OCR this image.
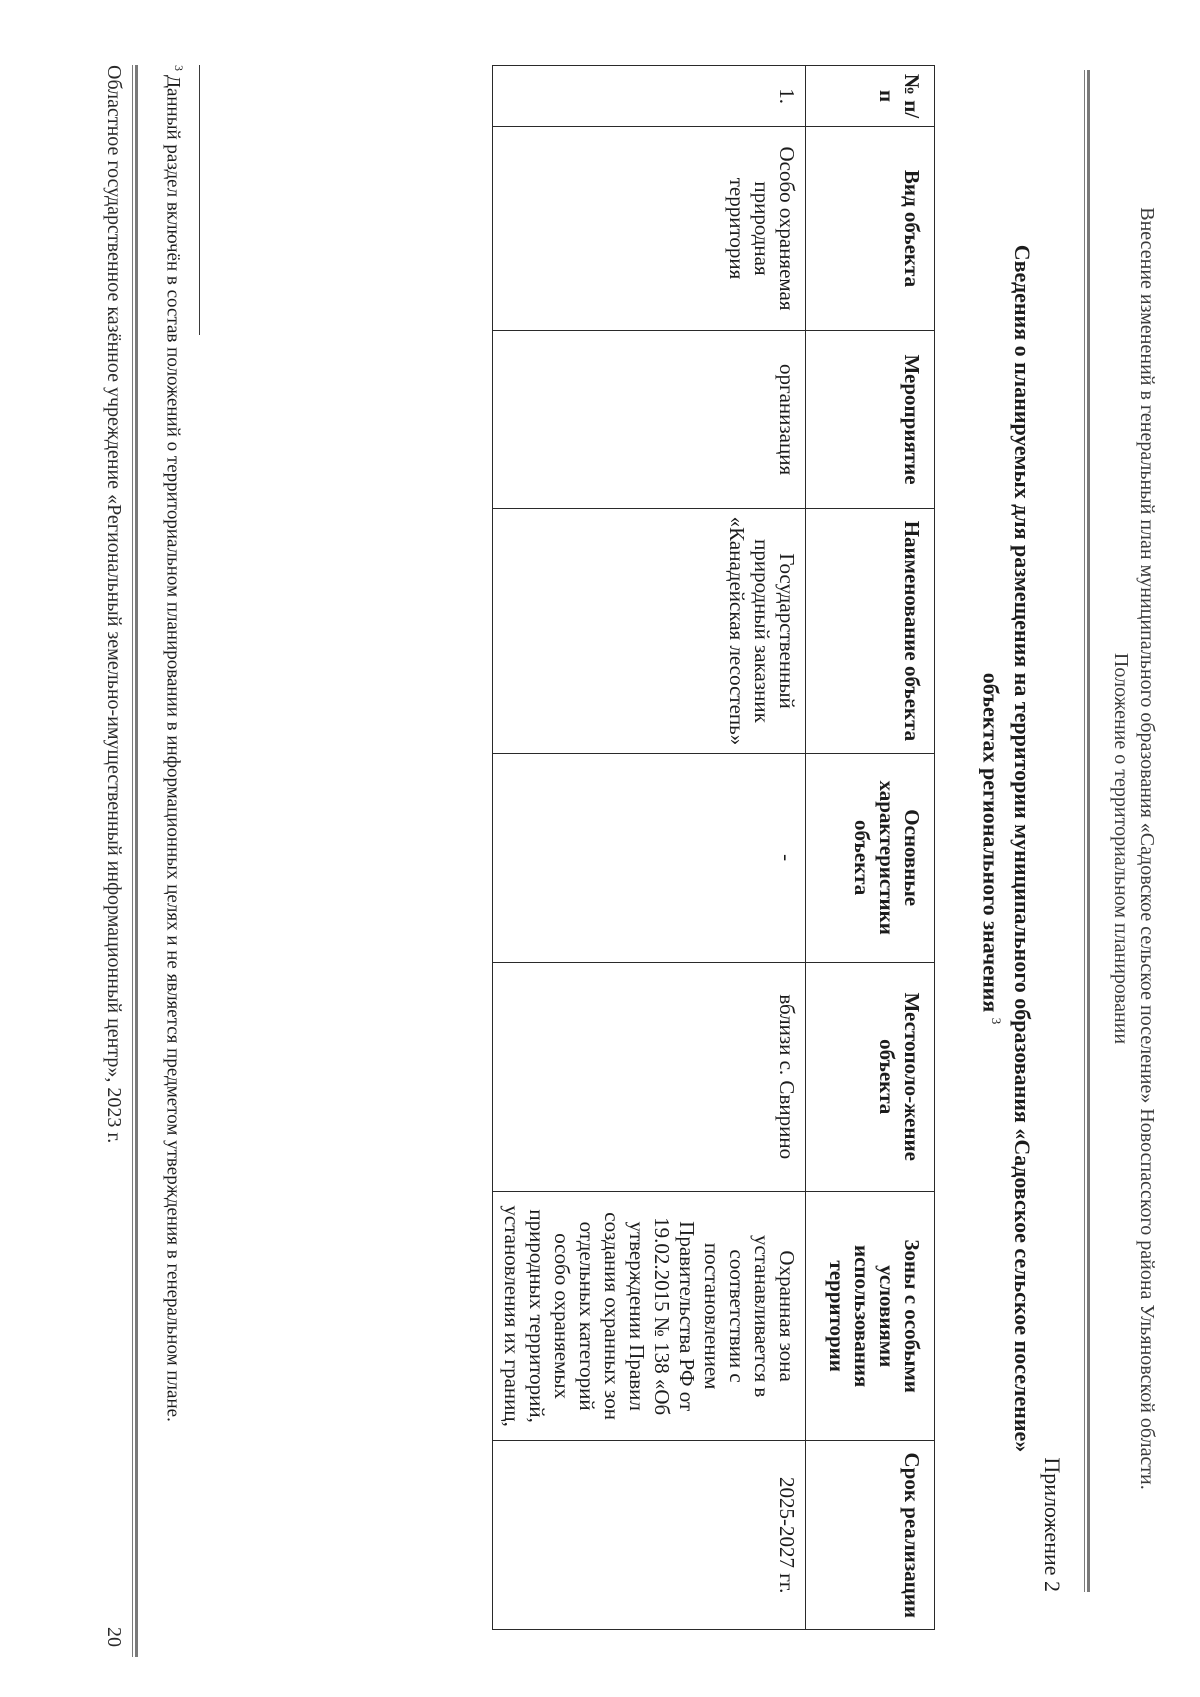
Внесение изменений в генеральный план муниципального образования «Садовское сельское поселение» Новоспасского района Ульяновской области.
Положение о территориальном планировании
Приложение 2
Сведения о планируемых для размещения на территории муниципального образования «Садовское сельское поселение»
объектах регионального значения $^3$
№ п/п	Вид объекта	Мероприятие	Наименование объекта	Основные характеристики объекта	Местополо-жение объекта	Зоны с особыми условиями использования территории	Срок реализации
1.	Особо охраняемая природная территория	организация	Государственный природный заказник «Канадейская лесостепь»	-	вблизи с. Свирино	Охранная зона устанавливается в соответствии с постановлением Правительства РФ от 19.02.2015 № 138 «Об утверждении Правил создания охранных зон отдельных категорий особо охраняемых природных территорий, установления их границ,	2025-2027 гг.
$^3$Данный раздел включён в состав положений о территориальном планировании в информационных целях и не является предметом утверждения в генеральном плане.
Областное государственное казённое учреждение «Региональный земельно-имущественный информационный центр», 2023 г.
20
